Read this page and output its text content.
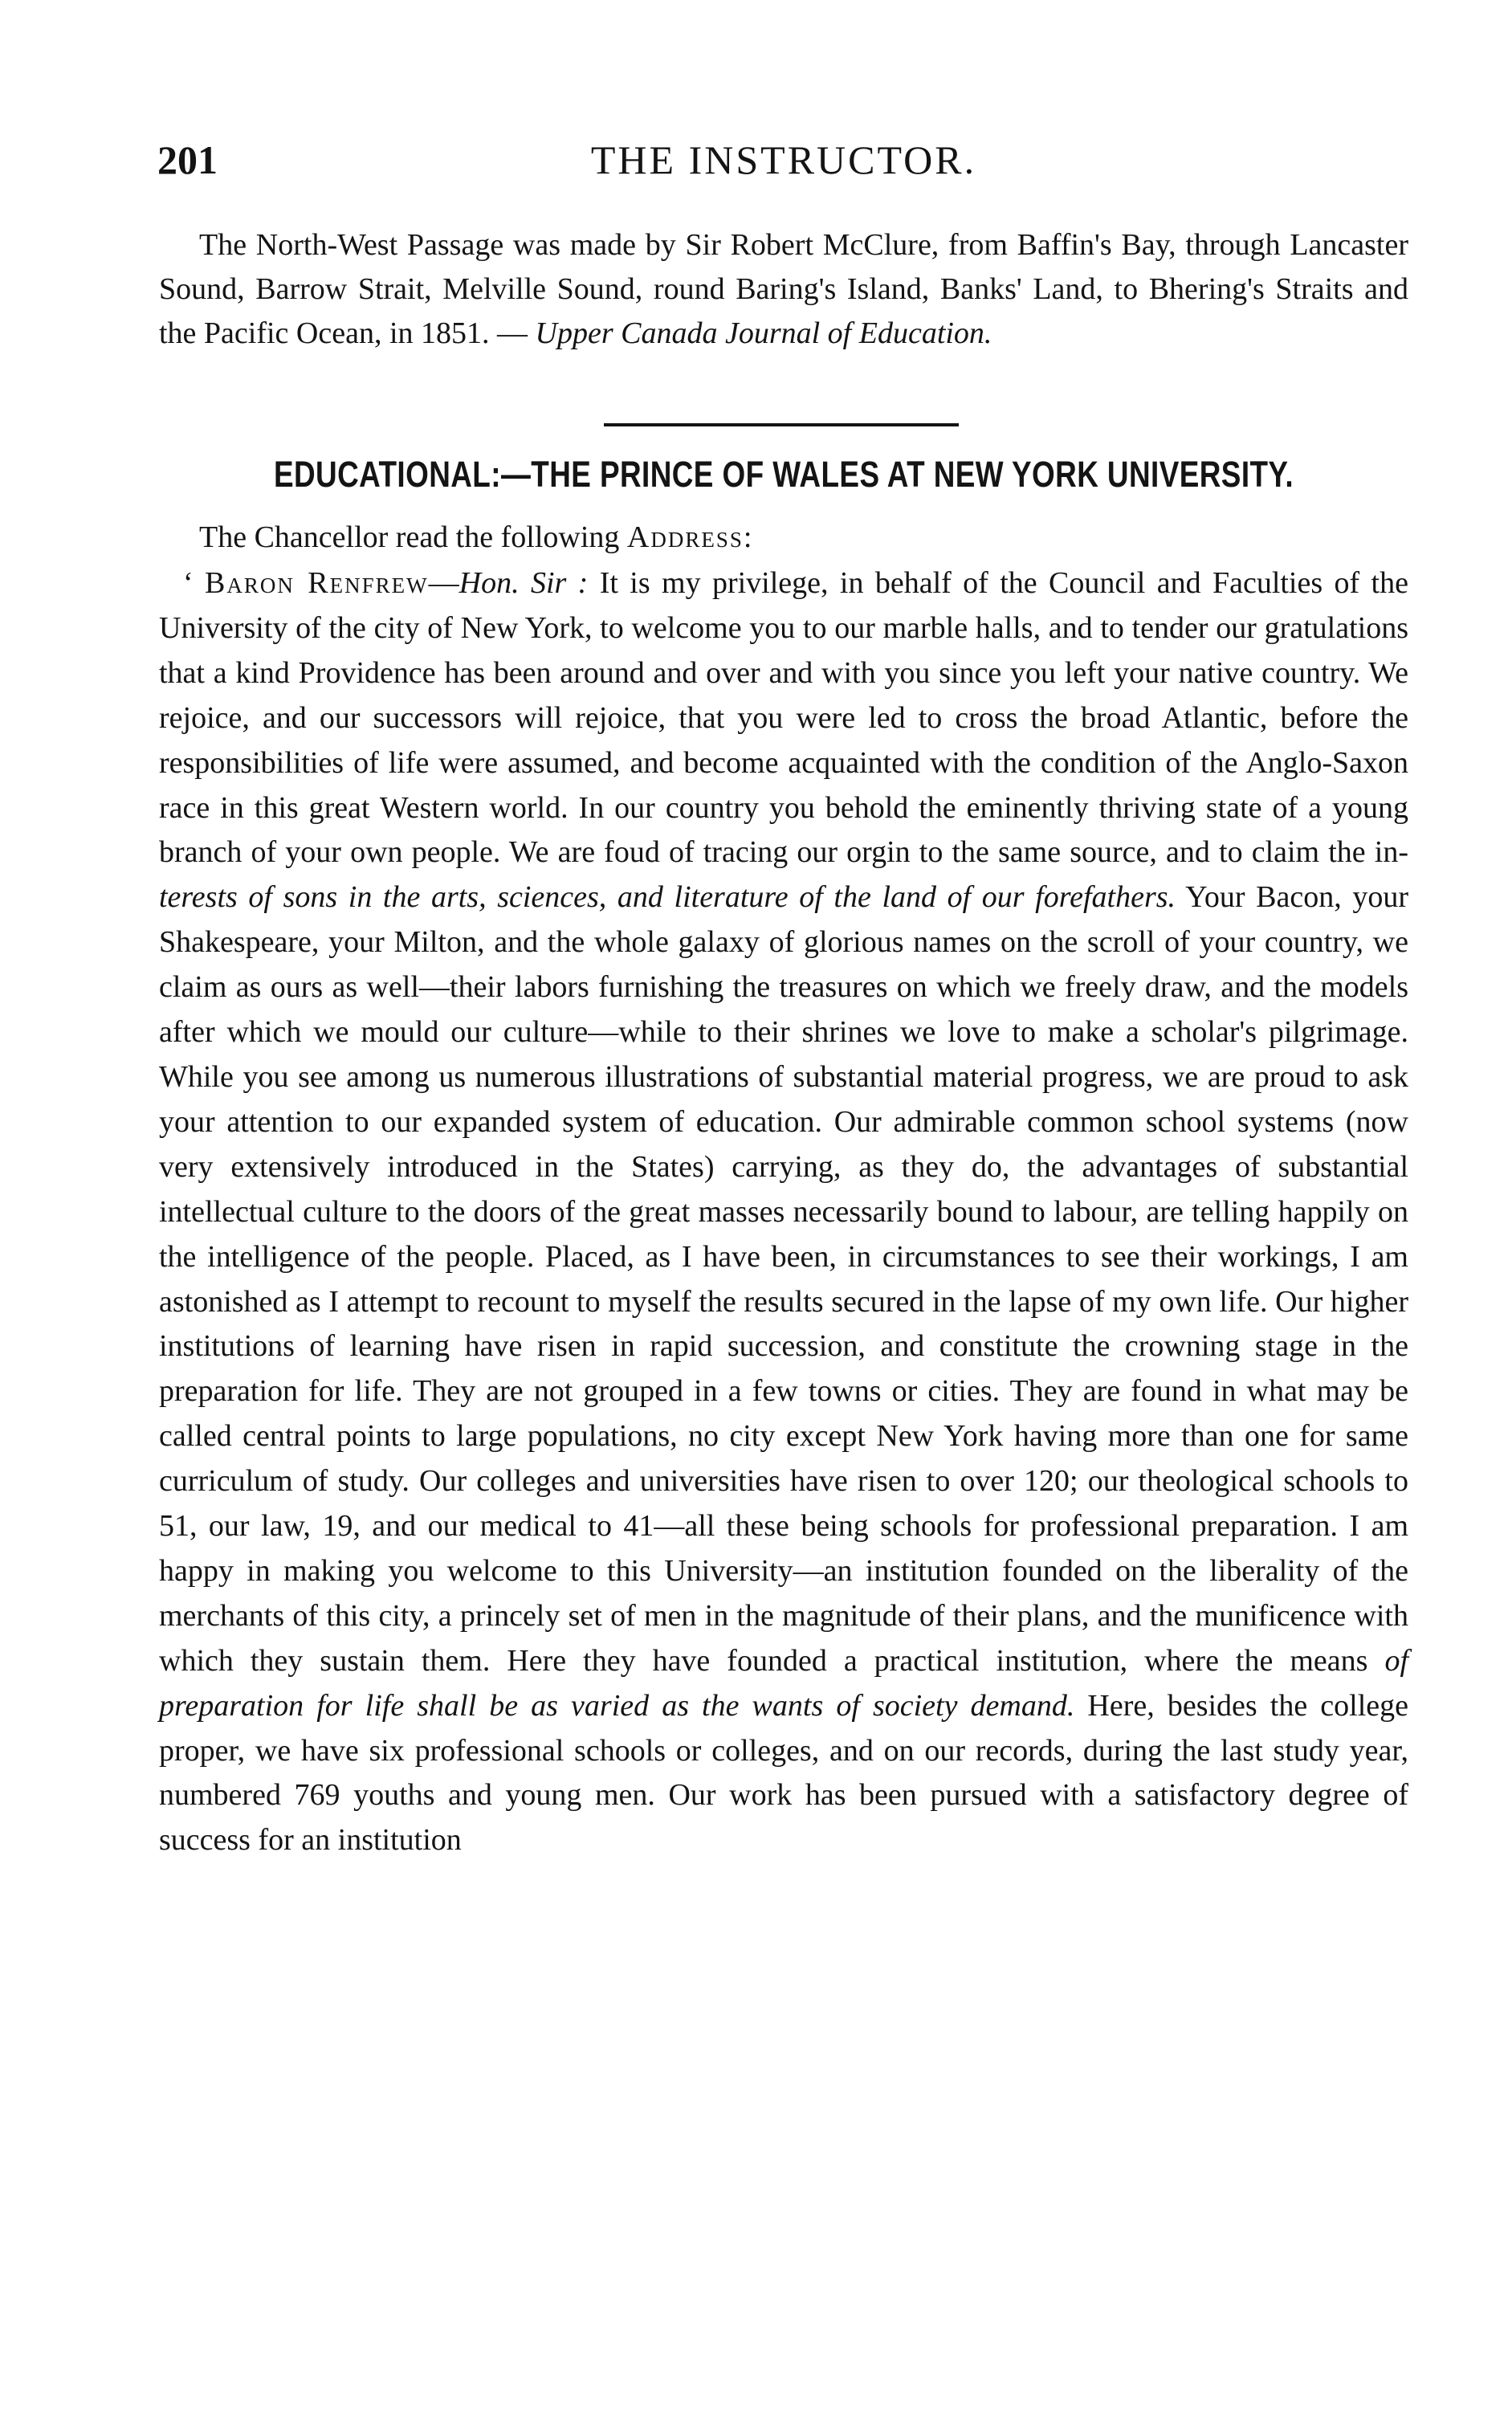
201	THE INSTRUCTOR.

The North-West Passage was made by Sir Robert McClure, from Baffin's Bay, through Lancaster Sound, Barrow Strait, Melville Sound, round Baring's Island, Banks' Land, to Bhering's Straits and the Pacific Ocean, in 1851. — Upper Canada Journal of Education.

EDUCATIONAL:—THE PRINCE OF WALES AT NEW YORK UNIVERSITY.

The Chancellor read the following Address:

‘ Baron Renfrew—Hon. Sir : It is my privilege, in behalf of the Council and Faculties of the University of the city of New York, to welcome you to our marble halls, and to tender our gratulations that a kind Providence has been around and over and with you since you left your native country. We rejoice, and our successors will rejoice, that you were led to cross the broad Atlantic, before the responsibilities of life were assumed, and become acquainted with the condition of the Anglo-Saxon race in this great Western world. In our country you behold the eminently thriving state of a young branch of your own people. We are foud of tracing our orgin to the same source, and to claim the in- terests of sons in the arts, sciences, and literature of the land of our forefathers. Your Bacon, your Shakespeare, your Milton, and the whole galaxy of glorious names on the scroll of your country, we claim as ours as well—their labors furnishing the treasures on which we freely draw, and the models after which we mould our culture—while to their shrines we love to make a scholar's pilgrimage. While you see among us numerous illustrations of substantial material progress, we are proud to ask your attention to our expanded system of education. Our admirable common school systems (now very extensively introduced in the States) carrying, as they do, the advantages of substantial intellectual culture to the doors of the great masses necessarily bound to labour, are telling happily on the intelligence of the people. Placed, as I have been, in circumstances to see their workings, I am astonished as I attempt to recount to myself the results secured in the lapse of my own life. Our higher institutions of learning have risen in rapid succession, and constitute the crowning stage in the preparation for life. They are not grouped in a few towns or cities. They are found in what may be called central points to large populations, no city except New York having more than one for same curriculum of study. Our colleges and universities have risen to over 120; our theological schools to 51, our law, 19, and our medical to 41—all these being schools for professional preparation. I am happy in making you welcome to this University—an institution founded on the liberality of the merchants of this city, a princely set of men in the magnitude of their plans, and the munificence with which they sustain them. Here they have founded a practical institution, where the means of preparation for life shall be as varied as the wants of society demand. Here, besides the college proper, we have six professional schools or colleges, and on our records, during the last study year, numbered 769 youths and young men. Our work has been pursued with a satisfactory degree of success for an institution
